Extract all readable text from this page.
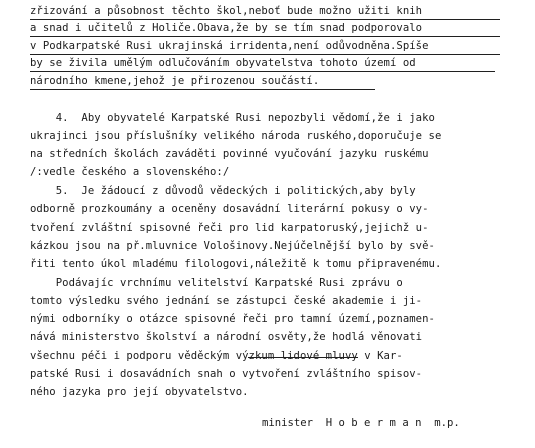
zřizování a působnost těchto škol,neboť bude možno užiti knih
a snad i učitelů z Holiče.Obava,že by se tím snad podporovalo
v Podkarpatské Rusi ukrajinská irridenta,není odůvodněna.Spíše
by se živila umělým odlučováním obyvatelstva tohoto území od
národního kmene,jehož je přirozenou součástí.
4.  Aby obyvatelé Karpatské Rusi nepozbyli vědomí,že i jako
ukrajinci jsou příslušníky velikého národa ruského,doporučuje se
na středních školách zaváděti povinné vyučování jazyku ruskému
/:vedle českého a slovenského:/
5.  Je žádoucí z důvodů vědeckých i politických,aby byly
odborně prozkoumány a oceněny dosavádní literární pokusy o vy-
tvoření zvláštní spisovné řeči pro lid karpatoruský,jejichž u-
kázkou jsou na př.mluvnice Vološinovy.Nejúčelnější bylo by svě-
řiti tento úkol mladému filologovi,náležitě k tomu připravenému.
Podávajíc vrchnímu velitelství Karpatské Rusi zprávu o
tomto výsledku svého jednání se zástupci české akademie i ji-
nými odborníky o otázce spisovné řeči pro tamní území,poznamen-
nává ministerstvo školství a národní osvěty,že hodlá věnovati
všechnu péči i podporu věděckým výzkum lidové mluvy v Kar-
patské Rusi i dosavádních snah o vytvoření zvláštního spisov-
ného jazyka pro její obyvatelstvo.
minister  H o b e r m a n  m.p.
